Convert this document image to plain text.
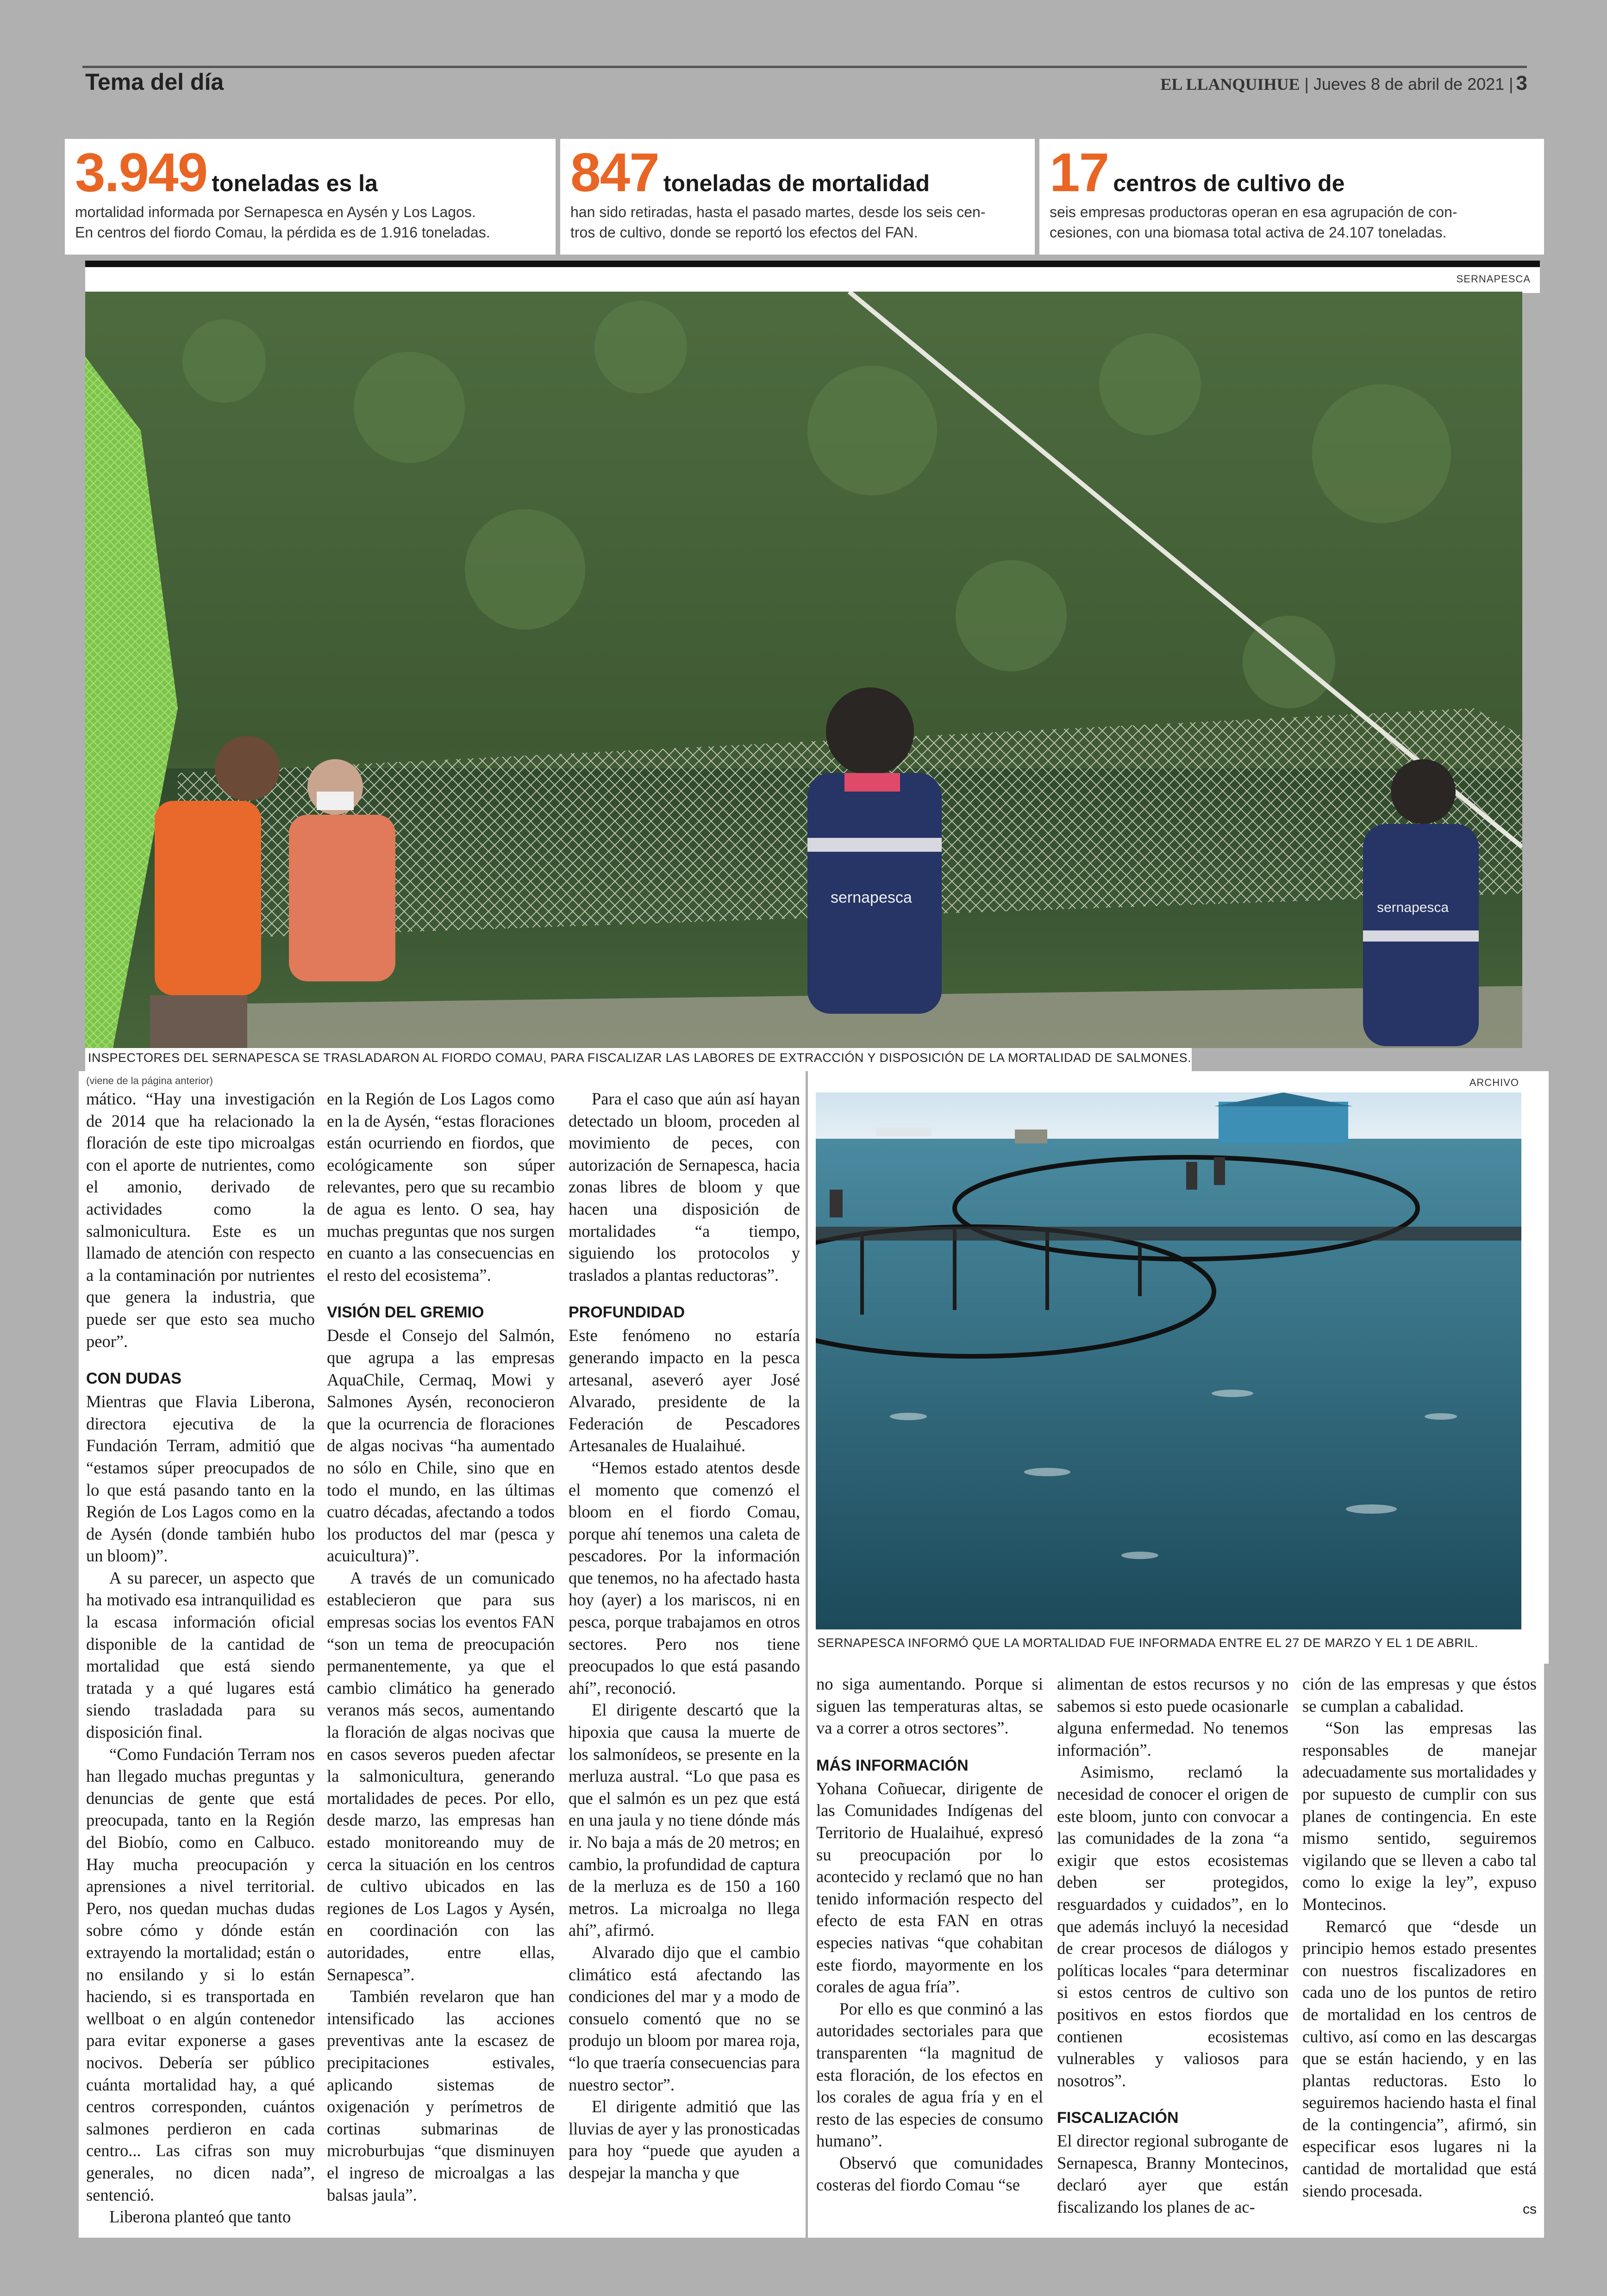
Tema del día	EL LLANQUIHUE | Jueves 8 de abril de 2021 | 3
3.949 toneladas es la
mortalidad informada por Sernapesca en Aysén y Los Lagos.
En centros del fiordo Comau, la pérdida es de 1.916 toneladas.
847 toneladas de mortalidad
han sido retiradas, hasta el pasado martes, desde los seis cen-
tros de cultivo, donde se reportó los efectos del FAN.
17 centros de cultivo de
seis empresas productoras operan en esa agrupación de con-
cesiones, con una biomasa total activa de 24.107 toneladas.
SERNAPESCA
sernapesca
sernapesca
INSPECTORES DEL SERNAPESCA SE TRASLADARON AL FIORDO COMAU, PARA FISCALIZAR LAS LABORES DE EXTRACCIÓN Y DISPOSICIÓN DE LA MORTALIDAD DE SALMONES.
ARCHIVO
SERNAPESCA INFORMÓ QUE LA MORTALIDAD FUE INFORMADA ENTRE EL 27 DE MARZO Y EL 1 DE ABRIL.

(viene de la página anterior)

mático. “Hay una investigación de 2014 que ha relacionado la floración de este tipo microalgas con el aporte de nutrientes, como el amonio, derivado de actividades como la salmonicultura. Este es un llamado de atención con respecto a la contaminación por nutrientes que genera la industria, que puede ser que esto sea mucho peor”.

CON DUDAS

Mientras que Flavia Liberona, directora ejecutiva de la Fundación Terram, admitió que “estamos súper preocupados de lo que está pasando tanto en la Región de Los Lagos como en la de Aysén (donde también hubo un bloom)”.

A su parecer, un aspecto que ha motivado esa intranquilidad es la escasa información oficial disponible de la cantidad de mortalidad que está siendo tratada y a qué lugares está siendo trasladada para su disposición final.

“Como Fundación Terram nos han llegado muchas preguntas y denuncias de gente que está preocupada, tanto en la Región del Biobío, como en Calbuco. Hay mucha preocupación y aprensiones a nivel territorial. Pero, nos quedan muchas dudas sobre cómo y dónde están extrayendo la mortalidad; están o no ensilando y si lo están haciendo, si es transportada en wellboat o en algún contenedor para evitar exponerse a gases nocivos. Debería ser público cuánta mortalidad hay, a qué centros corresponden, cuántos salmones perdieron en cada centro... Las cifras son muy generales, no dicen nada”, sentenció.

Liberona planteó que tanto

en la Región de Los Lagos como en la de Aysén, “estas floraciones están ocurriendo en fiordos, que ecológicamente son súper relevantes, pero que su recambio de agua es lento. O sea, hay muchas preguntas que nos surgen en cuanto a las consecuencias en el resto del ecosistema”.

VISIÓN DEL GREMIO

Desde el Consejo del Salmón, que agrupa a las empresas AquaChile, Cermaq, Mowi y Salmones Aysén, reconocieron que la ocurrencia de floraciones de algas nocivas “ha aumentado no sólo en Chile, sino que en todo el mundo, en las últimas cuatro décadas, afectando a todos los productos del mar (pesca y acuicultura)”.

A través de un comunicado establecieron que para sus empresas socias los eventos FAN “son un tema de preocupación permanentemente, ya que el cambio climático ha generado veranos más secos, aumentando la floración de algas nocivas que en casos severos pueden afectar la salmonicultura, generando mortalidades de peces. Por ello, desde marzo, las empresas han estado monitoreando muy de cerca la situación en los centros de cultivo ubicados en las regiones de Los Lagos y Aysén, en coordinación con las autoridades, entre ellas, Sernapesca”.

También revelaron que han intensificado las acciones preventivas ante la escasez de precipitaciones estivales, aplicando sistemas de oxigenación y perímetros de cortinas submarinas de microburbujas “que disminuyen el ingreso de microalgas a las balsas jaula”.

Para el caso que aún así hayan detectado un bloom, proceden al movimiento de peces, con autorización de Sernapesca, hacia zonas libres de bloom y que hacen una disposición de mortalidades “a tiempo, siguiendo los protocolos y traslados a plantas reductoras”.

PROFUNDIDAD

Este fenómeno no estaría generando impacto en la pesca artesanal, aseveró ayer José Alvarado, presidente de la Federación de Pescadores Artesanales de Hualaihué.

“Hemos estado atentos desde el momento que comenzó el bloom en el fiordo Comau, porque ahí tenemos una caleta de pescadores. Por la información que tenemos, no ha afectado hasta hoy (ayer) a los mariscos, ni en pesca, porque trabajamos en otros sectores. Pero nos tiene preocupados lo que está pasando ahí”, reconoció.

El dirigente descartó que la hipoxia que causa la muerte de los salmonídeos, se presente en la merluza austral. “Lo que pasa es que el salmón es un pez que está en una jaula y no tiene dónde más ir. No baja a más de 20 metros; en cambio, la profundidad de captura de la merluza es de 150 a 160 metros. La microalga no llega ahí”, afirmó.

Alvarado dijo que el cambio climático está afectando las condiciones del mar y a modo de consuelo comentó que no se produjo un bloom por marea roja, “lo que traería consecuencias para nuestro sector”.

El dirigente admitió que las lluvias de ayer y las pronosticadas para hoy “puede que ayuden a despejar la mancha y que

no siga aumentando. Porque si siguen las temperaturas altas, se va a correr a otros sectores”.

MÁS INFORMACIÓN

Yohana Coñuecar, dirigente de las Comunidades Indígenas del Territorio de Hualaihué, expresó su preocupación por lo acontecido y reclamó que no han tenido información respecto del efecto de esta FAN en otras especies nativas “que cohabitan este fiordo, mayormente en los corales de agua fría”.

Por ello es que conminó a las autoridades sectoriales para que transparenten “la magnitud de esta floración, de los efectos en los corales de agua fría y en el resto de las especies de consumo humano”.

Observó que comunidades costeras del fiordo Comau “se

alimentan de estos recursos y no sabemos si esto puede ocasionarle alguna enfermedad. No tenemos información”.

Asimismo, reclamó la necesidad de conocer el origen de este bloom, junto con convocar a las comunidades de la zona “a exigir que estos ecosistemas deben ser protegidos, resguardados y cuidados”, en lo que además incluyó la necesidad de crear procesos de diálogos y políticas locales “para determinar si estos centros de cultivo son positivos en estos fiordos que contienen ecosistemas vulnerables y valiosos para nosotros”.

FISCALIZACIÓN

El director regional subrogante de Sernapesca, Branny Montecinos, declaró ayer que están fiscalizando los planes de ac-

ción de las empresas y que éstos se cumplan a cabalidad.

“Son las empresas las responsables de manejar adecuadamente sus mortalidades y por supuesto de cumplir con sus planes de contingencia. En este mismo sentido, seguiremos vigilando que se lleven a cabo tal como lo exige la ley”, expuso Montecinos.

Remarcó que “desde un principio hemos estado presentes con nuestros fiscalizadores en cada uno de los puntos de retiro de mortalidad en los centros de cultivo, así como en las descargas que se están haciendo, y en las plantas reductoras. Esto lo seguiremos haciendo hasta el final de la contingencia”, afirmó, sin especificar esos lugares ni la cantidad de mortalidad que está siendo procesada.

cs
